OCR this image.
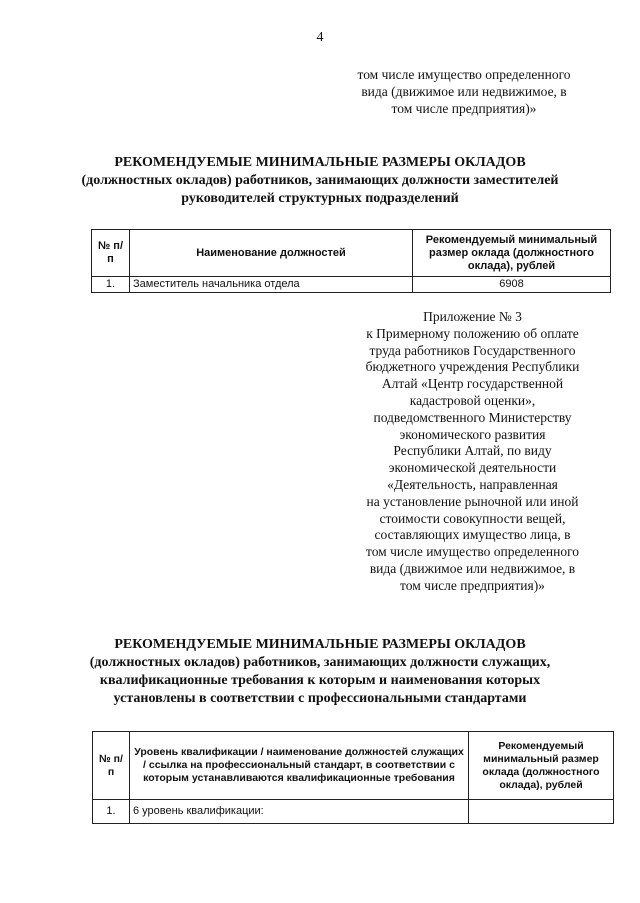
4
том числе имущество определенного
вида (движимое или недвижимое, в
том числе предприятия)»
РЕКОМЕНДУЕМЫЕ МИНИМАЛЬНЫЕ РАЗМЕРЫ ОКЛАДОВ
(должностных окладов) работников, занимающих должности заместителей
руководителей структурных подразделений
№ п/п	Наименование должностей	Рекомендуемый минимальный размер оклада (должностного оклада), рублей
1.	Заместитель начальника отдела	6908
Приложение № 3
к Примерному положению об оплате
труда работников Государственного
бюджетного учреждения Республики
Алтай «Центр государственной
кадастровой оценки»,
подведомственного Министерству
экономического развития
Республики Алтай, по виду
экономической деятельности
«Деятельность, направленная
на установление рыночной или иной
стоимости совокупности вещей,
составляющих имущество лица, в
том числе имущество определенного
вида (движимое или недвижимое, в
том числе предприятия)»
РЕКОМЕНДУЕМЫЕ МИНИМАЛЬНЫЕ РАЗМЕРЫ ОКЛАДОВ
(должностных окладов) работников, занимающих должности служащих,
квалификационные требования к которым и наименования которых
установлены в соответствии с профессиональными стандартами
№ п/п	Уровень квалификации / наименование должностей служащих / ссылка на профессиональный стандарт, в соответствии с которым устанавливаются квалификационные требования	Рекомендуемый минимальный размер оклада (должностного оклада), рублей
1.	6 уровень квалификации:	
